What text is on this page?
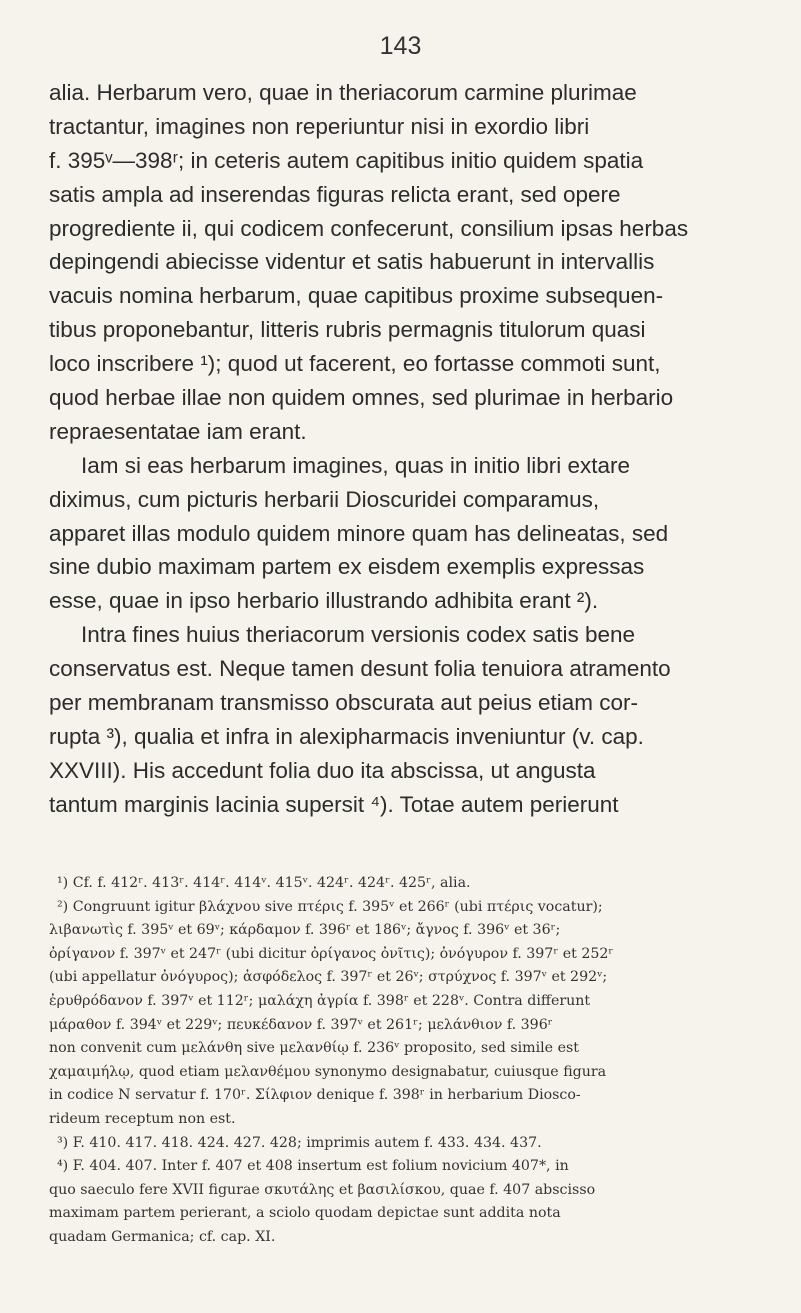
143
alia. Herbarum vero, quae in theriacorum carmine plurimae
tractantur, imagines non reperiuntur nisi in exordio libri
f. 395ᵛ—398ʳ; in ceteris autem capitibus initio quidem spatia
satis ampla ad inserendas figuras relicta erant, sed opere
progrediente ii, qui codicem confecerunt, consilium ipsas herbas
depingendi abiecisse videntur et satis habuerunt in intervallis
vacuis nomina herbarum, quae capitibus proxime subsequen-
tibus proponebantur, litteris rubris permagnis titulorum quasi
loco inscribere ¹); quod ut facerent, eo fortasse commoti sunt,
quod herbae illae non quidem omnes, sed plurimae in herbario
repraesentatae iam erant.
Iam si eas herbarum imagines, quas in initio libri extare
diximus, cum picturis herbarii Dioscuridei comparamus,
apparet illas modulo quidem minore quam has delineatas, sed
sine dubio maximam partem ex eisdem exemplis expressas
esse, quae in ipso herbario illustrando adhibita erant ²).
Intra fines huius theriacorum versionis codex satis bene
conservatus est. Neque tamen desunt folia tenuiora atramento
per membranam transmisso obscurata aut peius etiam cor-
rupta ³), qualia et infra in alexipharmacis inveniuntur (v. cap.
XXVIII). His accedunt folia duo ita abscissa, ut angusta
tantum marginis lacinia supersit ⁴). Totae autem perierunt
¹) Cf. f. 412ʳ. 413ʳ. 414ʳ. 414ᵛ. 415ᵛ. 424ʳ. 424ʳ. 425ʳ, alia.
²) Congruunt igitur βλάχνου sive πτέρις f. 395ᵛ et 266ʳ (ubi πτέρις vocatur);
λιβανωτὶς f. 395ᵛ et 69ᵛ; κάρδαμον f. 396ʳ et 186ᵛ; ἄγνος f. 396ᵛ et 36ʳ;
ὀρίγανον f. 397ᵛ et 247ʳ (ubi dicitur ὀρίγανος ὀνῖτις); ὀνόγυρον f. 397ʳ et 252ʳ
(ubi appellatur ὀνόγυρος); ἀσφόδελος f. 397ʳ et 26ᵛ; στρύχνος f. 397ᵛ et 292ᵛ;
ἐρυθρόδανον f. 397ᵛ et 112ʳ; μαλάχη ἀγρία f. 398ʳ et 228ᵛ. Contra differunt
μάραθον f. 394ᵛ et 229ᵛ; πευκέδανον f. 397ᵛ et 261ʳ; μελάνθιον f. 396ʳ
non convenit cum μελάνθη sive μελανθίῳ f. 236ᵛ proposito, sed simile est
χαμαιμήλῳ, quod etiam μελανθέμου synonymo designabatur, cuiusque figura
in codice N servatur f. 170ʳ. Σίλφιον denique f. 398ʳ in herbarium Diosco-
rideum receptum non est.
³) F. 410. 417. 418. 424. 427. 428; imprimis autem f. 433. 434. 437.
⁴) F. 404. 407. Inter f. 407 et 408 insertum est folium novicium 407*, in
quo saeculo fere XVII figurae σκυτάλης et βασιλίσκου, quae f. 407 abscisso
maximam partem perierant, a sciolo quodam depictae sunt addita nota
quadam Germanica; cf. cap. XI.
